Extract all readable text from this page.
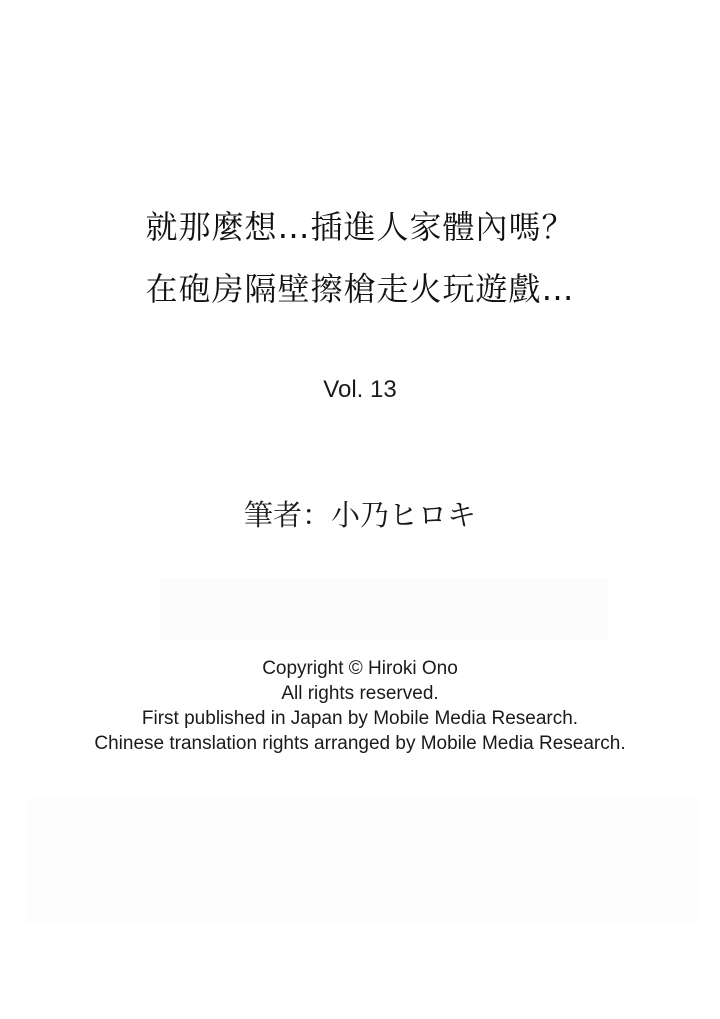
就那麼想…插進人家體內嗎？
在砲房隔壁擦槍走火玩遊戲…
Vol. 13
筆者：小乃ヒロキ
Copyright © Hiroki Ono
All rights reserved.
First published in Japan by Mobile Media Research.
Chinese translation rights arranged by Mobile Media Research.
